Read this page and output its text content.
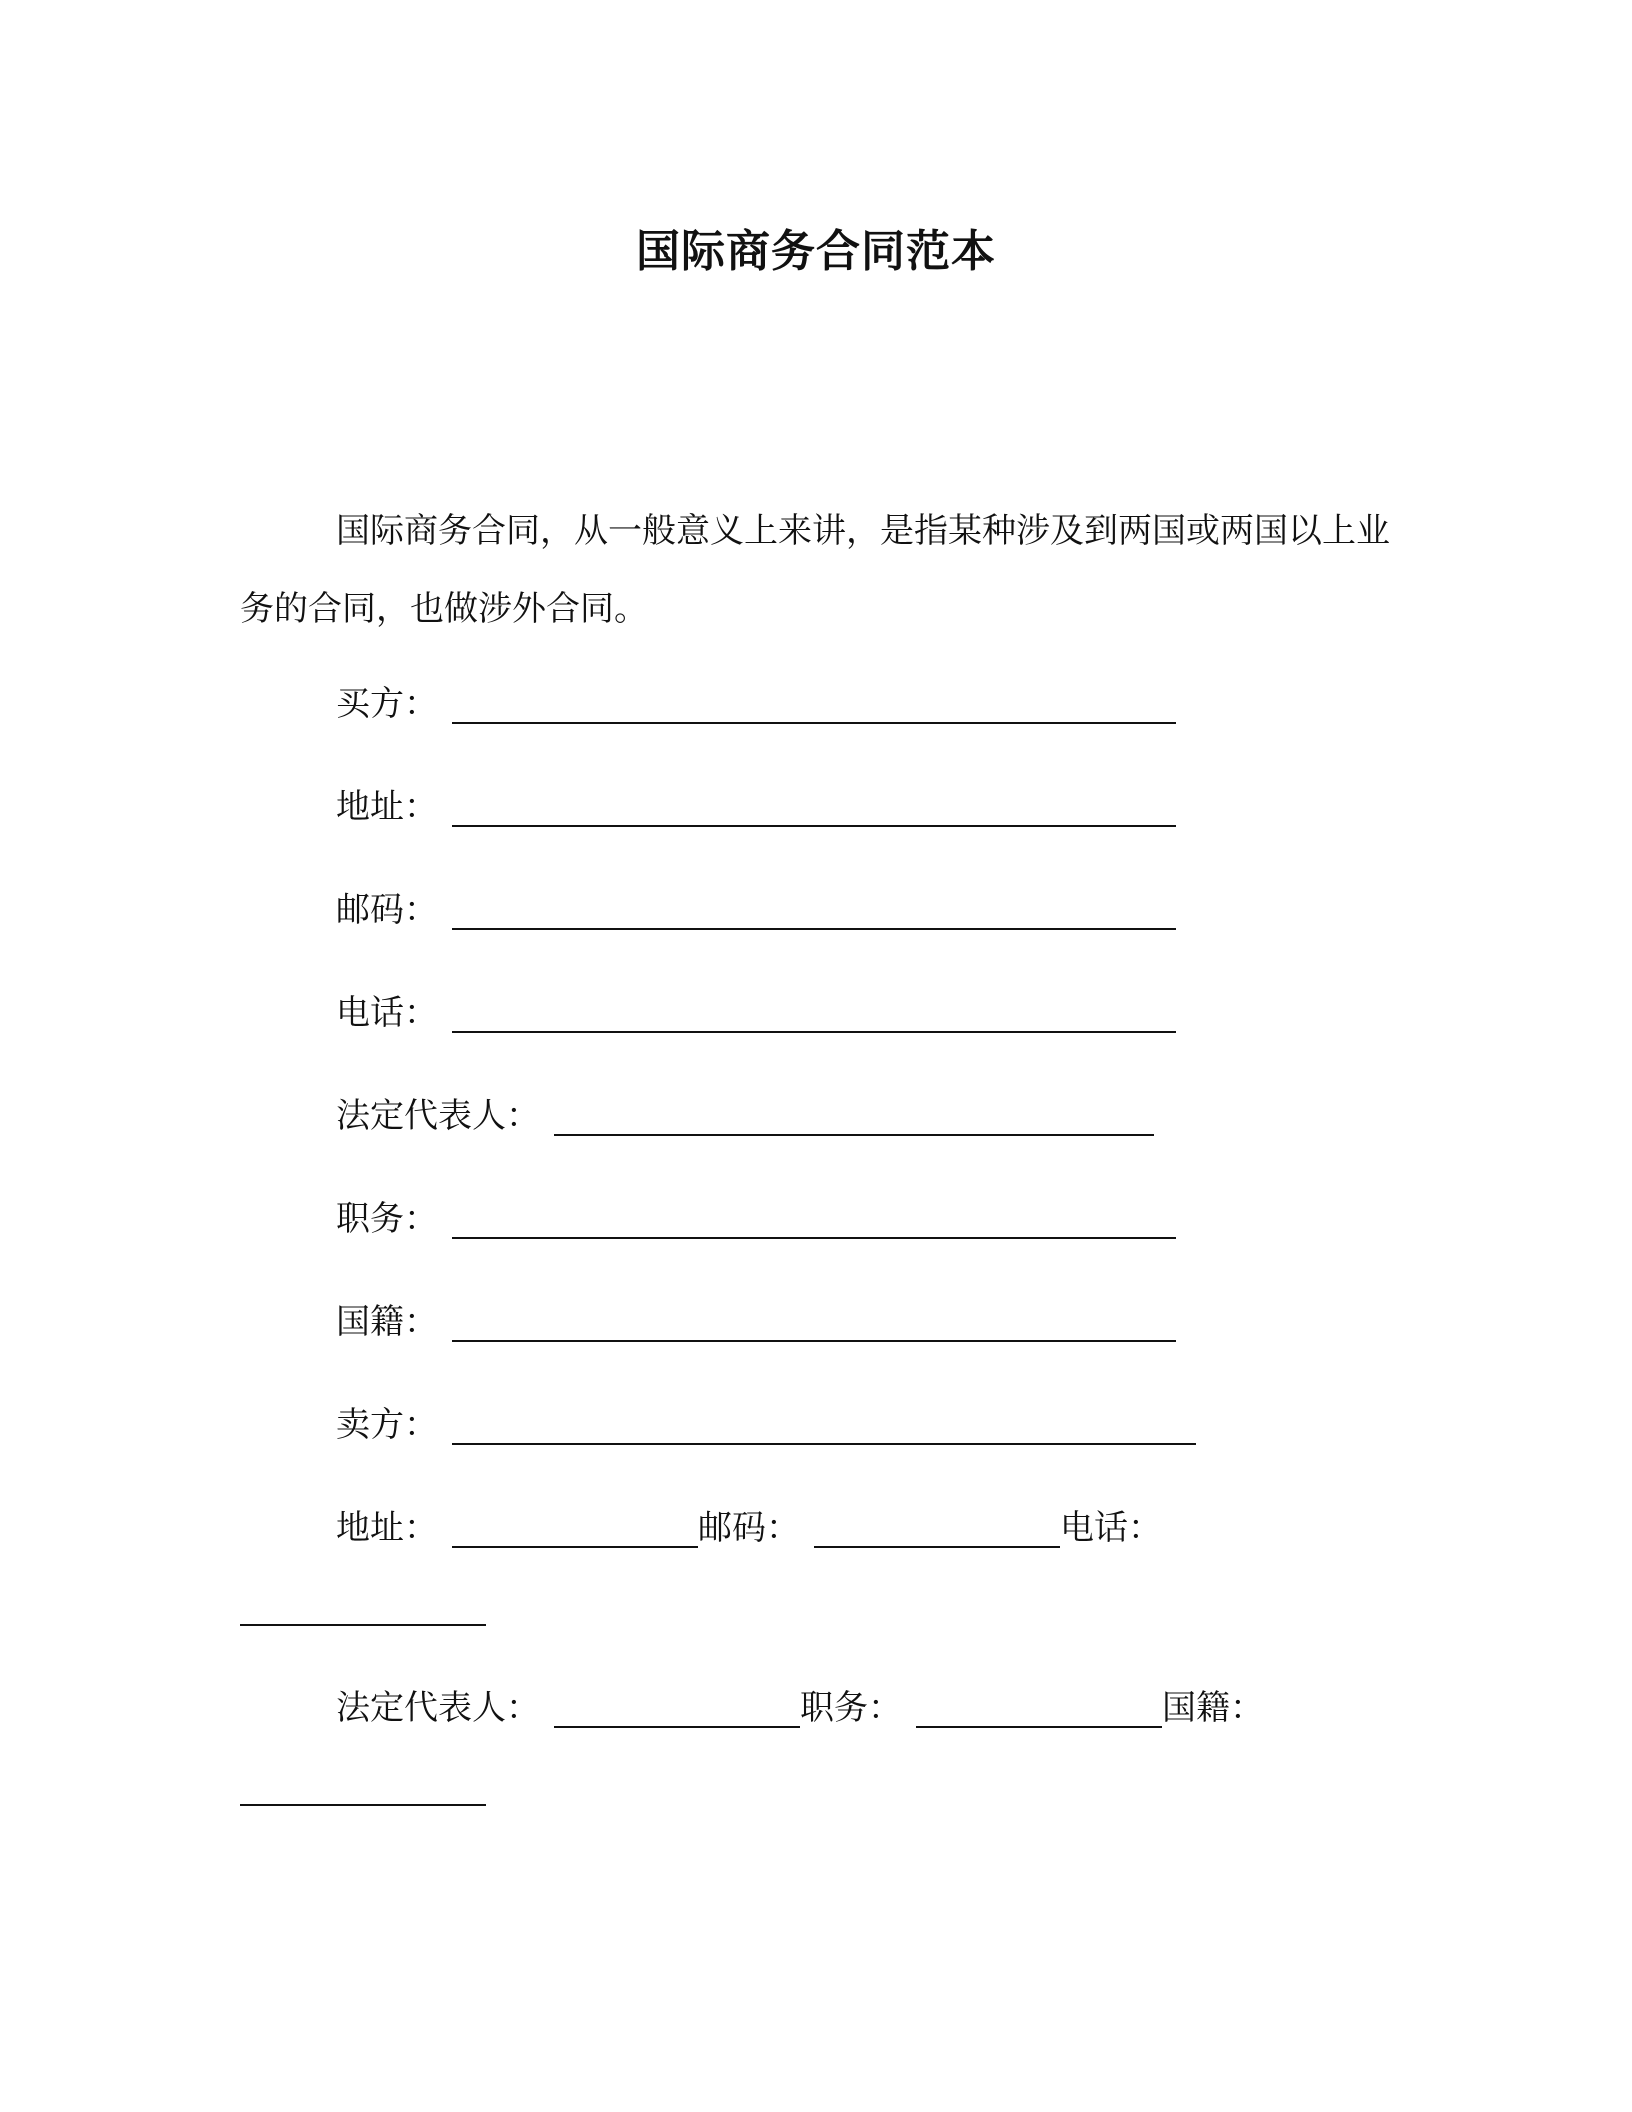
国际商务合同范本
国际商务合同，从一般意义上来讲，是指某种涉及到两国或两国以上业务的合同，也做涉外合同。
买方：
地址：
邮码：
电话：
法定代表人：
职务：
国籍：
卖方：
地址：	邮码：	电话：
法定代表人：	职务：	国籍：
